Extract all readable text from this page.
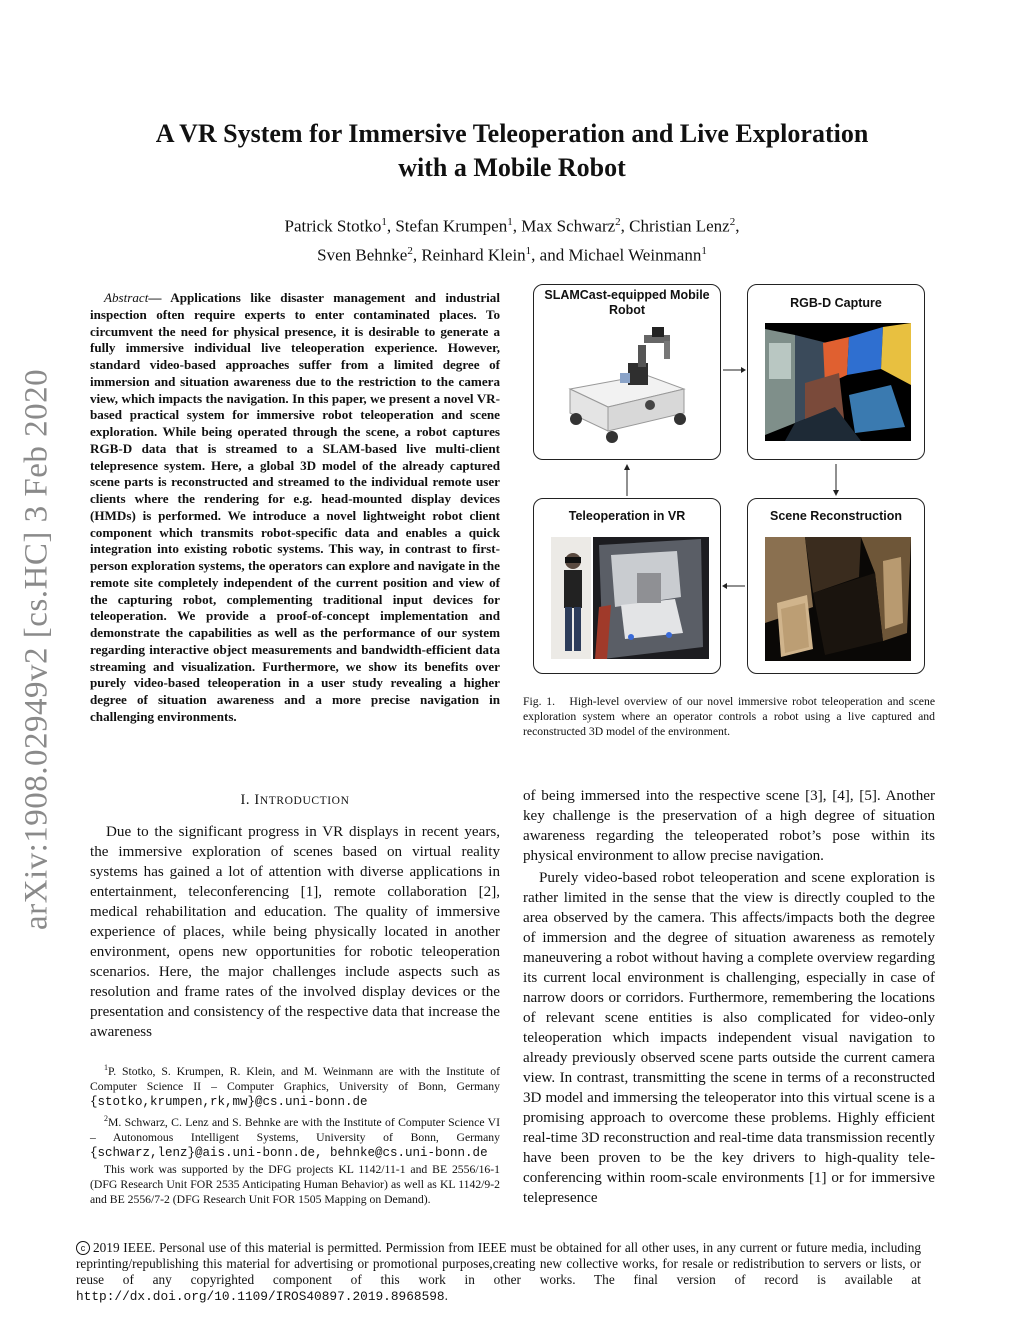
arXiv:1908.02949v2 [cs.HC] 3 Feb 2020
A VR System for Immersive Teleoperation and Live Exploration
with a Mobile Robot
Patrick Stotko$^1$, Stefan Krumpen$^1$, Max Schwarz$^2$, Christian Lenz$^2$,
Sven Behnke$^2$, Reinhard Klein$^1$, and Michael Weinmann$^1$

Abstract— Applications like disaster management and industrial inspection often require experts to enter contaminated places. To circumvent the need for physical presence, it is desirable to generate a fully immersive individual live teleoperation experience. However, standard video-based approaches suffer from a limited degree of immersion and situation awareness due to the restriction to the camera view, which impacts the navigation. In this paper, we present a novel VR-based practical system for immersive robot teleoperation and scene exploration. While being operated through the scene, a robot captures RGB-D data that is streamed to a SLAM-based live multi-client telepresence system. Here, a global 3D model of the already captured scene parts is reconstructed and streamed to the individual remote user clients where the rendering for e.g. head-mounted display devices (HMDs) is performed. We introduce a novel lightweight robot client component which transmits robot-specific data and enables a quick integration into existing robotic systems. This way, in contrast to first-person exploration systems, the operators can explore and navigate in the remote site completely independent of the current position and view of the capturing robot, complementing traditional input devices for teleoperation. We provide a proof-of-concept implementation and demonstrate the capabilities as well as the performance of our system regarding interactive object measurements and bandwidth-efficient data streaming and visualization. Furthermore, we show its benefits over purely video-based teleoperation in a user study revealing a higher degree of situation awareness and a more precise navigation in challenging environments.

I. INTRODUCTION

Due to the significant progress in VR displays in recent years, the immersive exploration of scenes based on virtual reality systems has gained a lot of attention with diverse applications in entertainment, teleconferencing [1], remote collaboration [2], medical rehabilitation and education. The quality of immersive experience of places, while being physically located in another environment, opens new opportunities for robotic teleoperation scenarios. Here, the major challenges include aspects such as resolution and frame rates of the involved display devices or the presentation and consistency of the respective data that increase the awareness

$^1$P. Stotko, S. Krumpen, R. Klein, and M. Weinmann are with the Institute of Computer Science II – Computer Graphics, University of Bonn, Germany {stotko,krumpen,rk,mw}@cs.uni-bonn.de

$^2$M. Schwarz, C. Lenz and S. Behnke are with the Institute of Computer Science VI – Autonomous Intelligent Systems, University of Bonn, Germany {schwarz,lenz}@ais.uni-bonn.de, behnke@cs.uni-bonn.de

This work was supported by the DFG projects KL 1142/11-1 and BE 2556/16-1 (DFG Research Unit FOR 2535 Anticipating Human Behavior) as well as KL 1142/9-2 and BE 2556/7-2 (DFG Research Unit FOR 1505 Mapping on Demand).

SLAMCast-equipped Mobile Robot	RGB-D Capture
Teleoperation in VR	Scene Reconstruction

Fig. 1. High-level overview of our novel immersive robot teleoperation and scene exploration system where an operator controls a robot using a live captured and reconstructed 3D model of the environment.

of being immersed into the respective scene [3], [4], [5]. Another key challenge is the preservation of a high degree of situation awareness regarding the teleoperated robot’s pose within its physical environment to allow precise navigation.

Purely video-based robot teleoperation and scene exploration is rather limited in the sense that the view is directly coupled to the area observed by the camera. This affects/impacts both the degree of immersion and the degree of situation awareness as remotely maneuvering a robot without having a complete overview regarding its current local environment is challenging, especially in case of narrow doors or corridors. Furthermore, remembering the locations of relevant scene entities is also complicated for video-only teleoperation which impacts independent visual navigation to already previously observed scene parts outside the current camera view. In contrast, transmitting the scene in terms of a reconstructed 3D model and immersing the teleoperator into this virtual scene is a promising approach to overcome these problems. Highly efficient real-time 3D reconstruction and real-time data transmission recently have been proven to be the key drivers to high-quality tele-conferencing within room-scale environments [1] or for immersive telepresence

c 2019 IEEE. Personal use of this material is permitted. Permission from IEEE must be obtained for all other uses, in any current or future media, including reprinting/republishing this material for advertising or promotional purposes,creating new collective works, for resale or redistribution to servers or lists, or reuse of any copyrighted component of this work in other works. The final version of record is available at http://dx.doi.org/10.1109/IROS40897.2019.8968598.
